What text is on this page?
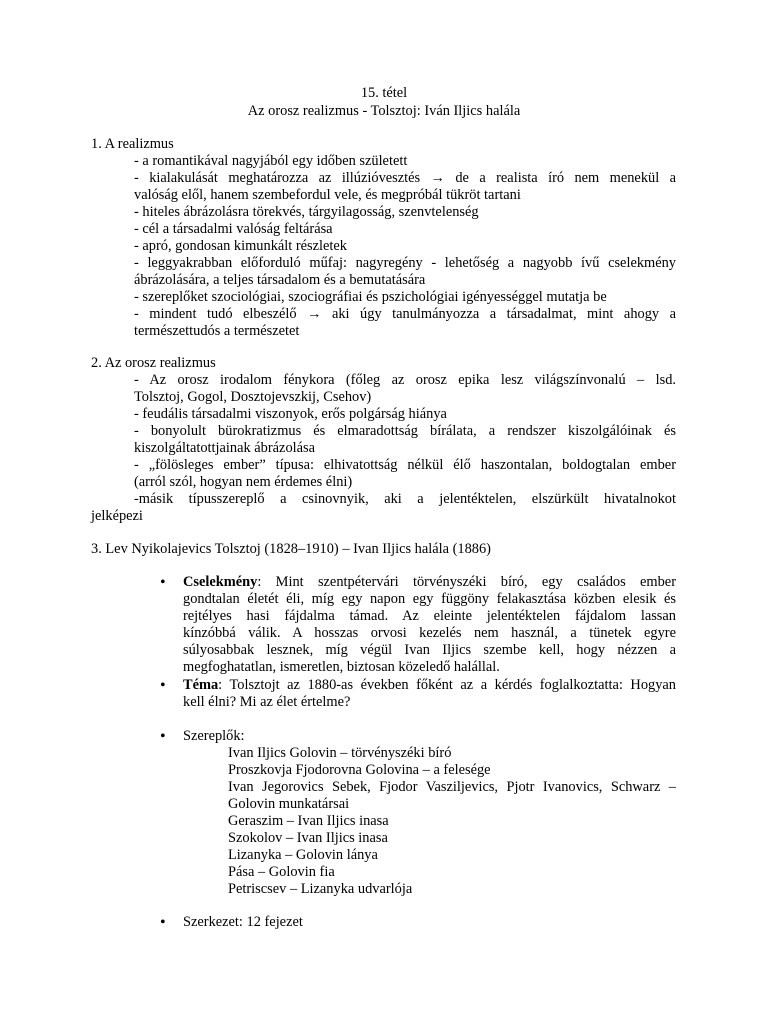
15. tétel
Az orosz realizmus - Tolsztoj: Iván Iljics halála
1. A realizmus
- a romantikával nagyjából egy időben született
- kialakulását meghatározza az illúzióvesztés → de a realista író nem menekül a
valóság elől, hanem szembefordul vele, és megpróbál tükröt tartani
- hiteles ábrázolásra törekvés, tárgyilagosság, szenvtelenség
- cél a társadalmi valóság feltárása
- apró, gondosan kimunkált részletek
- leggyakrabban előforduló műfaj: nagyregény - lehetőség a nagyobb ívű cselekmény
ábrázolására, a teljes társadalom és a bemutatására
- szereplőket szociológiai, szociográfiai és pszichológiai igényességgel mutatja be
- mindent tudó elbeszélő → aki úgy tanulmányozza a társadalmat, mint ahogy a
természettudós a természetet
2. Az orosz realizmus
- Az orosz irodalom fénykora (főleg az orosz epika lesz világszínvonalú – lsd.
Tolsztoj, Gogol, Dosztojevszkij, Csehov)
- feudális társadalmi viszonyok, erős polgárság hiánya
- bonyolult bürokratizmus és elmaradottság bírálata, a rendszer kiszolgálóinak és
kiszolgáltatottjainak ábrázolása
- „fölösleges ember” típusa: elhivatottság nélkül élő haszontalan, boldogtalan ember
(arról szól, hogyan nem érdemes élni)
-másik típusszereplő a csinovnyik, aki a jelentéktelen, elszürkült hivatalnokot
jelképezi
3. Lev Nyikolajevics Tolsztoj (1828–1910) – Ivan Iljics halála (1886)
• Cselekmény: Mint szentpétervári törvényszéki bíró, egy családos ember
gondtalan életét éli, míg egy napon egy függöny felakasztása közben elesik és
rejtélyes hasi fájdalma támad. Az eleinte jelentéktelen fájdalom lassan
kínzóbbá válik. A hosszas orvosi kezelés nem használ, a tünetek egyre
súlyosabbak lesznek, míg végül Ivan Iljics szembe kell, hogy nézzen a
megfoghatatlan, ismeretlen, biztosan közeledő halállal.
• Téma: Tolsztojt az 1880-as években főként az a kérdés foglalkoztatta: Hogyan
kell élni? Mi az élet értelme?
• Szereplők:
Ivan Iljics Golovin – törvényszéki bíró
Proszkovja Fjodorovna Golovina – a felesége
Ivan Jegorovics Sebek, Fjodor Vasziljevics, Pjotr Ivanovics, Schwarz –
Golovin munkatársai
Geraszim – Ivan Iljics inasa
Szokolov – Ivan Iljics inasa
Lizanyka – Golovin lánya
Pása – Golovin fia
Petriscsev – Lizanyka udvarlója
• Szerkezet: 12 fejezet
